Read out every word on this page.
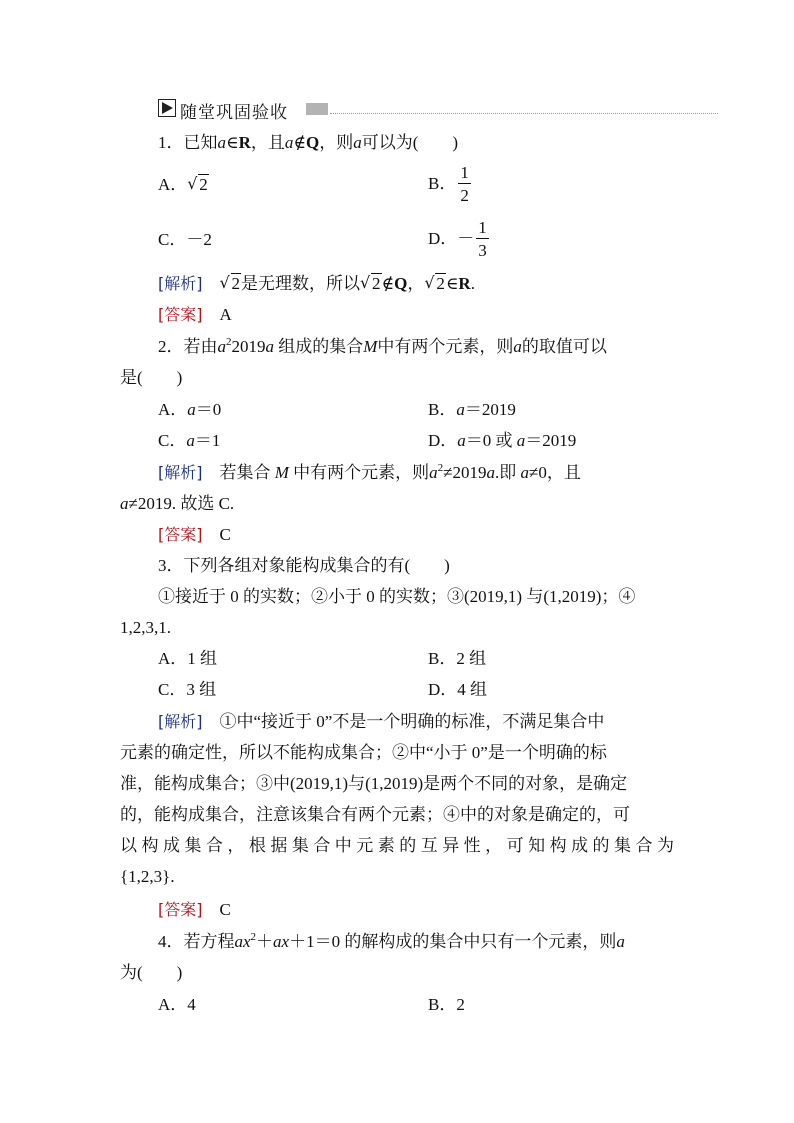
随堂巩固验收
1．已知a∈R，且a∉Q，则a可以为(　　)
A． √ 2	B． $\frac{1}{2}$
C．－2	D．－ $\frac{1}{3}$
[解析]　 √ 2是无理数，所以 √ 2∉Q， √ 2∈R.
[答案]　 A
2．若由$a^22019a$ 组成的集合M中有两个元素，则a的取值可以
是(　　)
A．a＝0	B．a＝2019
C．a＝1	D．a＝0 或 a＝2019
[解析]　 若集合 M 中有两个元素，则$a^2\ne 2019a$.即 a≠0，且
a≠2019. 故选 C.
[答案]　 C
3．下列各组对象能构成集合的有(　　)
①接近于 0 的实数；②小于 0 的实数；③(2019,1) 与(1,2019)；④
1,2,3,1.
A．1 组	B．2 组
C．3 组	D．4 组
[解析]　 ①中“接近于 0”不是一个明确的标准，不满足集合中
元素的确定性，所以不能构成集合；②中“小于 0”是一个明确的标
准，能构成集合；③中(2019,1)与(1,2019)是两个不同的对象，是确定
的，能构成集合，注意该集合有两个元素；④中的对象是确定的，可
以构成集合，根据集合中元素的互异性，可知构成的集合为
{1,2,3}.
[答案]　 C
4．若方程$ax^2+ax+1=0$ 的解构成的集合中只有一个元素，则a
为(　　)
A．4	B．2
